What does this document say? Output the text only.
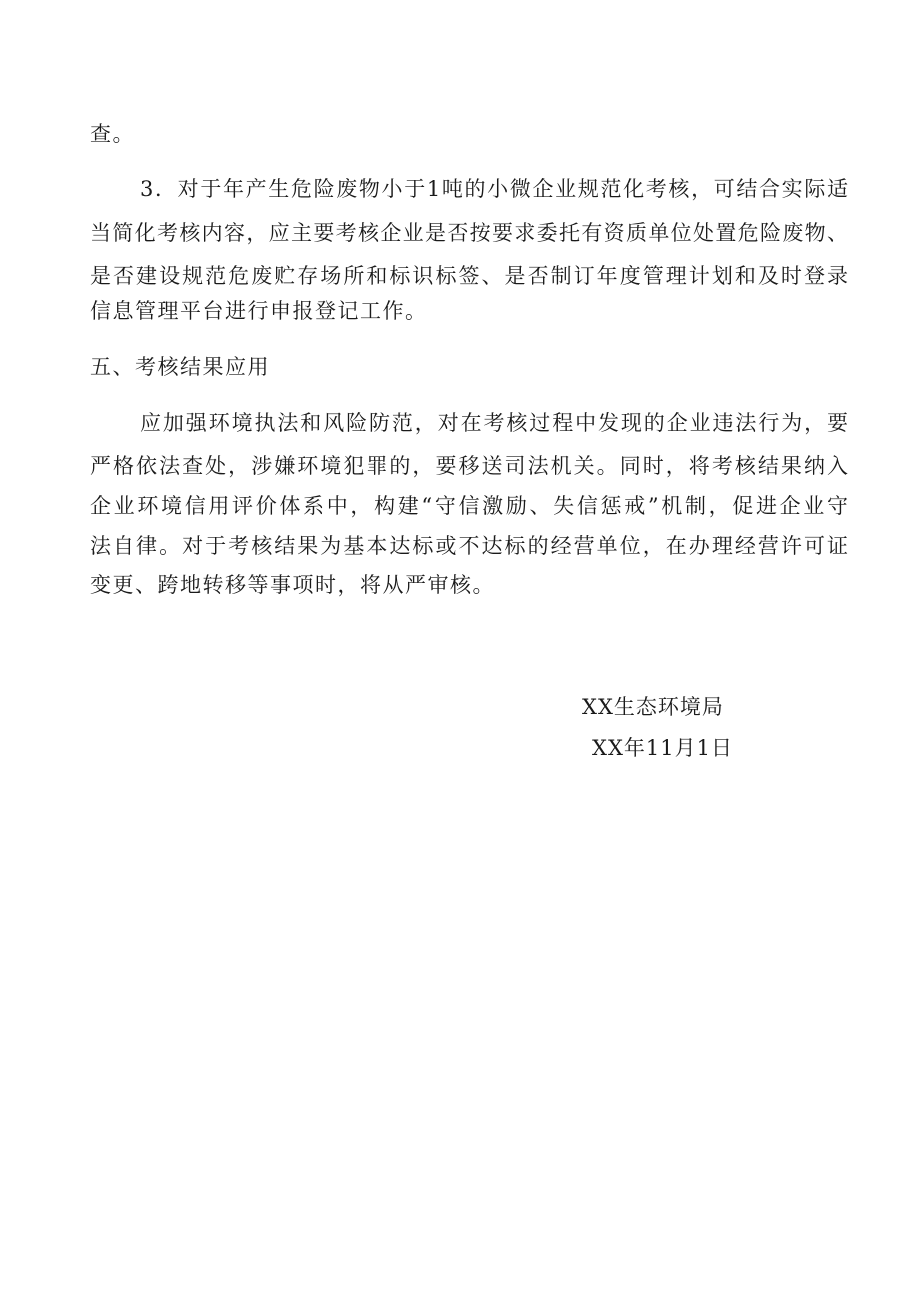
查。
3．对于年产生危险废物小于1吨的小微企业规范化考核，可结合实际适
当简化考核内容，应主要考核企业是否按要求委托有资质单位处置危险废物、
是否建设规范危废贮存场所和标识标签、是否制订年度管理计划和及时登录
信息管理平台进行申报登记工作。
五、考核结果应用
应加强环境执法和风险防范，对在考核过程中发现的企业违法行为，要
严格依法查处，涉嫌环境犯罪的，要移送司法机关。同时，将考核结果纳入
企业环境信用评价体系中，构建“守信激励、失信惩戒”机制，促进企业守
法自律。对于考核结果为基本达标或不达标的经营单位，在办理经营许可证
变更、跨地转移等事项时，将从严审核。
XX生态环境局
XX年11月1日
